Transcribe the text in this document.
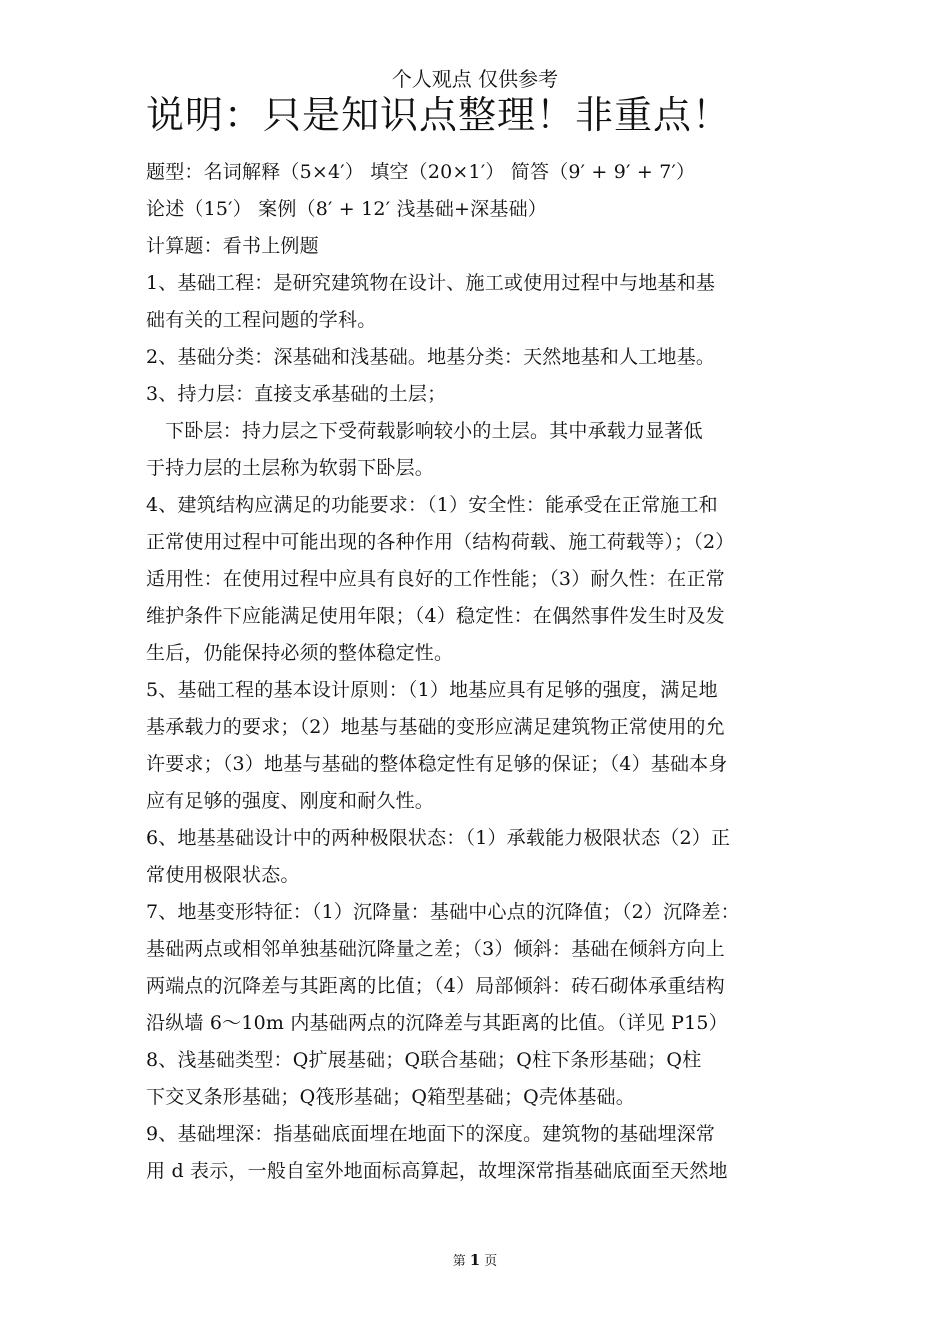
个人观点 仅供参考
说明：只是知识点整理！非重点！
题型：名词解释（5×4′） 填空（20×1′） 简答（9′ + 9′ + 7′）
论述（15′） 案例（8′ + 12′ 浅基础+深基础）
计算题：看书上例题
1、基础工程：是研究建筑物在设计、施工或使用过程中与地基和基
础有关的工程问题的学科。
2、基础分类：深基础和浅基础。地基分类：天然地基和人工地基。
3、持力层：直接支承基础的土层；
　下卧层：持力层之下受荷载影响较小的土层。其中承载力显著低
于持力层的土层称为软弱下卧层。
4、建筑结构应满足的功能要求：（1）安全性：能承受在正常施工和
正常使用过程中可能出现的各种作用（结构荷载、施工荷载等）；（2）
适用性：在使用过程中应具有良好的工作性能；（3）耐久性：在正常
维护条件下应能满足使用年限；（4）稳定性：在偶然事件发生时及发
生后，仍能保持必须的整体稳定性。
5、基础工程的基本设计原则：（1）地基应具有足够的强度，满足地
基承载力的要求；（2）地基与基础的变形应满足建筑物正常使用的允
许要求；（3）地基与基础的整体稳定性有足够的保证；（4）基础本身
应有足够的强度、刚度和耐久性。
6、地基基础设计中的两种极限状态：（1）承载能力极限状态（2）正
常使用极限状态。
7、地基变形特征：（1）沉降量：基础中心点的沉降值；（2）沉降差：
基础两点或相邻单独基础沉降量之差；（3）倾斜：基础在倾斜方向上
两端点的沉降差与其距离的比值；（4）局部倾斜：砖石砌体承重结构
沿纵墙 6～10m 内基础两点的沉降差与其距离的比值。（详见 P15）
8、浅基础类型：Q扩展基础；Q联合基础；Q柱下条形基础；Q柱
下交叉条形基础；Q筏形基础；Q箱型基础；Q壳体基础。
9、基础埋深：指基础底面埋在地面下的深度。建筑物的基础埋深常
用 d 表示，一般自室外地面标高算起，故埋深常指基础底面至天然地
第 1 页
